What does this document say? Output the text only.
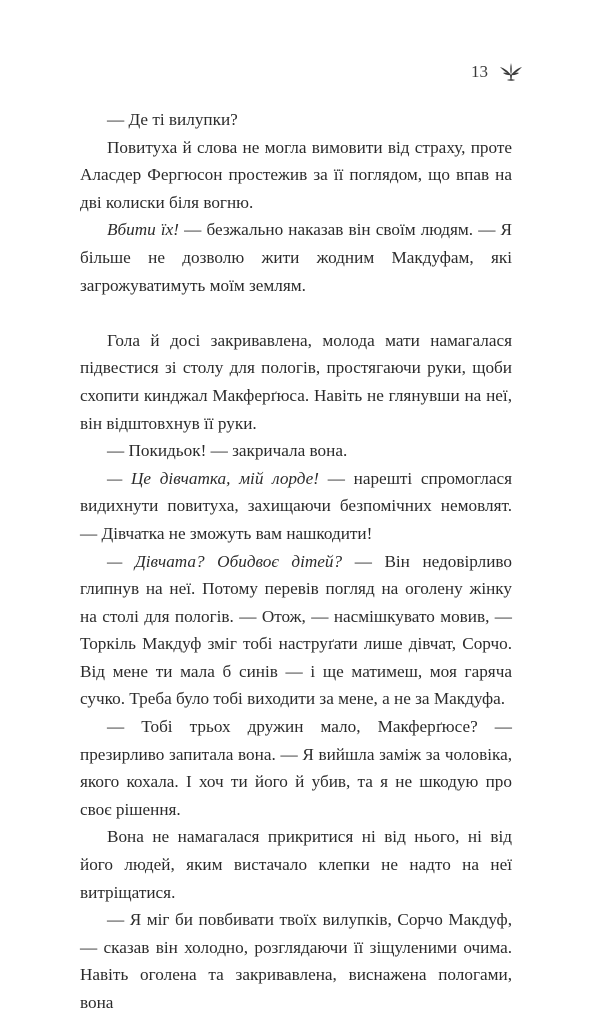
13

— Де ті вилупки?

Повитуха й слова не могла вимовити від страху, проте Аласдер Фергюсон простежив за її поглядом, що впав на дві колиски біля вогню.

Вбити їх! — безжально наказав він своїм людям. — Я більше не дозволю жити жодним Макдуфам, які загрожуватимуть моїм землям.

Гола й досі закривавлена, молода мати намагалася підвестися зі столу для пологів, простягаючи руки, щоби схопити кинджал Макферґюса. Навіть не глянувши на неї, він відштовхнув її руки.

— Покидьок! — закричала вона.

— Це дівчатка, мій лорде! — нарешті спромоглася видихнути повитуха, захищаючи безпомічних немовлят. — Дівчатка не зможуть вам нашкодити!

— Дівчата? Обидвоє дітей? — Він недовірливо глипнув на неї. Потому перевів погляд на оголену жінку на столі для пологів. — Отож, — насмішкувато мовив, — Торкіль Макдуф зміг тобі наструґати лише дівчат, Сорчо. Від мене ти мала б синів — і ще матимеш, моя гаряча сучко. Треба було тобі виходити за мене, а не за Макдуфа.

— Тобі трьох дружин мало, Макферґюсе? — презирливо запитала вона. — Я вийшла заміж за чоловіка, якого кохала. І хоч ти його й убив, та я не шкодую про своє рішення.

Вона не намагалася прикритися ні від нього, ні від його людей, яким вистачало клепки не надто на неї витріщатися.

— Я міг би повбивати твоїх вилупків, Сорчо Макдуф, — сказав він холодно, розглядаючи її зіщуленими очима. Навіть оголена та закривавлена, виснажена пологами, вона
